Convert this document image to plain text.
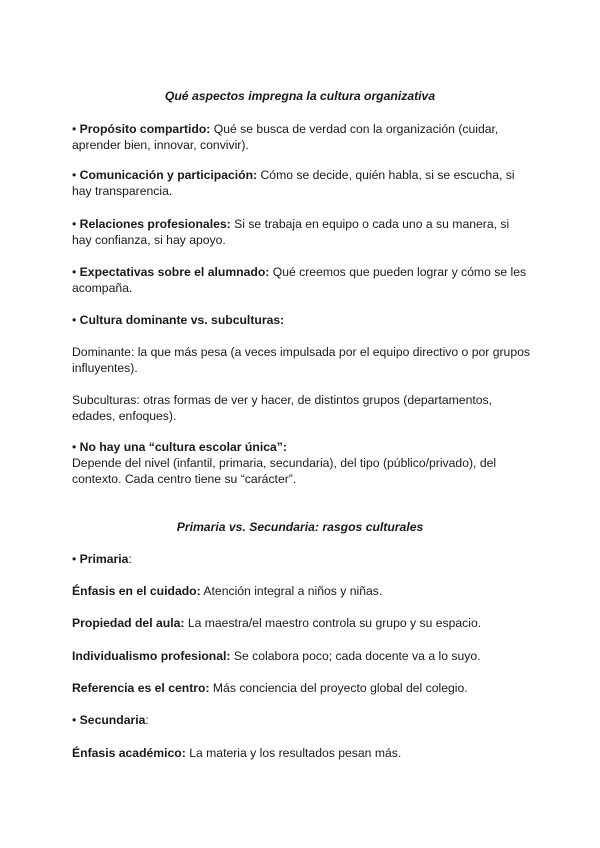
Qué aspectos impregna la cultura organizativa

• Propósito compartido: Qué se busca de verdad con la organización (cuidar, aprender bien, innovar, convivir).

• Comunicación y participación: Cómo se decide, quién habla, si se escucha, si hay transparencia.

• Relaciones profesionales: Si se trabaja en equipo o cada uno a su manera, si hay confianza, si hay apoyo.

• Expectativas sobre el alumnado: Qué creemos que pueden lograr y cómo se les acompaña.

• Cultura dominante vs. subculturas:

Dominante: la que más pesa (a veces impulsada por el equipo directivo o por grupos influyentes).

Subculturas: otras formas de ver y hacer, de distintos grupos (departamentos, edades, enfoques).

• No hay una “cultura escolar única”:
Depende del nivel (infantil, primaria, secundaria), del tipo (público/privado), del contexto. Cada centro tiene su “carácter”.

Primaria vs. Secundaria: rasgos culturales

• Primaria:

Énfasis en el cuidado: Atención integral a niños y niñas.

Propiedad del aula: La maestra/el maestro controla su grupo y su espacio.

Individualismo profesional: Se colabora poco; cada docente va a lo suyo.

Referencia es el centro: Más conciencia del proyecto global del colegio.

• Secundaria:

Énfasis académico: La materia y los resultados pesan más.
